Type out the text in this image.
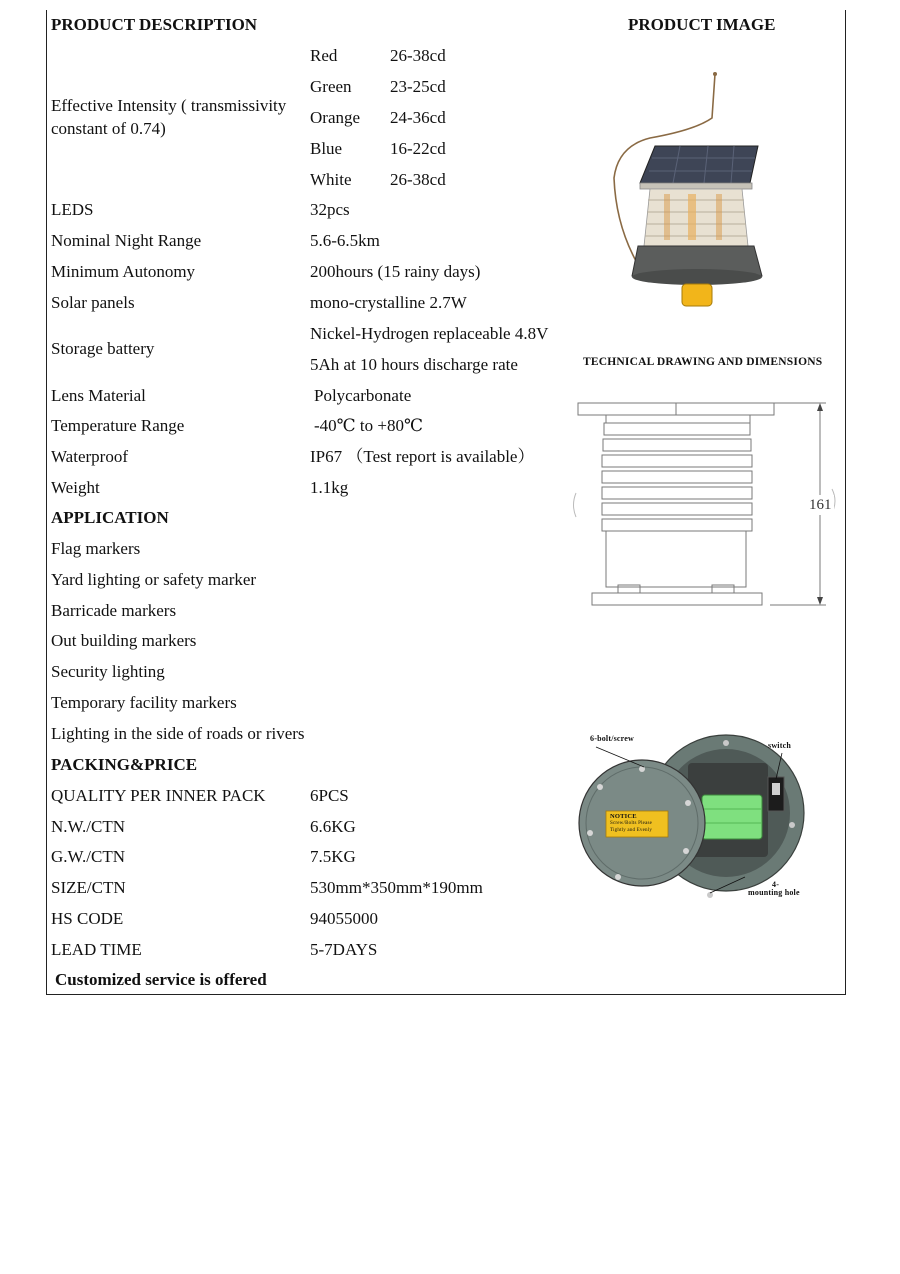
PRODUCT DESCRIPTION	PRODUCT IMAGE
Effective Intensity ( transmissivity
constant of 0.74)
Red	26-38cd
Green 23-25cd
Orange 24-36cd
Blue	16-22cd
White 26-38cd
LEDS	32pcs
Nominal Night Range	5.6-6.5km
Minimum Autonomy	200hours (15 rainy days)
Solar panels	mono-crystalline 2.7W
Storage battery
Nickel-Hydrogen replaceable 4.8V
5Ah at 10 hours discharge rate
Lens Material	Polycarbonate
Temperature Range	-40℃ to +80℃
Waterproof	IP67 （Test report is available）
Weight	1.1kg
APPLICATION
Flag markers
Yard lighting or safety marker
Barricade markers
Out building markers
Security lighting
Temporary facility markers
Lighting in the side of roads or rivers
PACKING&PRICE
QUALITY PER INNER PACK	6PCS
N.W./CTN	6.6KG
G.W./CTN	7.5KG
SIZE/CTN	530mm*350mm*190mm
HS CODE	94055000
LEAD TIME	5-7DAYS
Customized service is offered
TECHNICAL DRAWING AND DIMENSIONS
161
6-bolt/screw
switch
4-
mounting hole
NOTICE
Screw/Bolts Please
Tightly and Evenly
